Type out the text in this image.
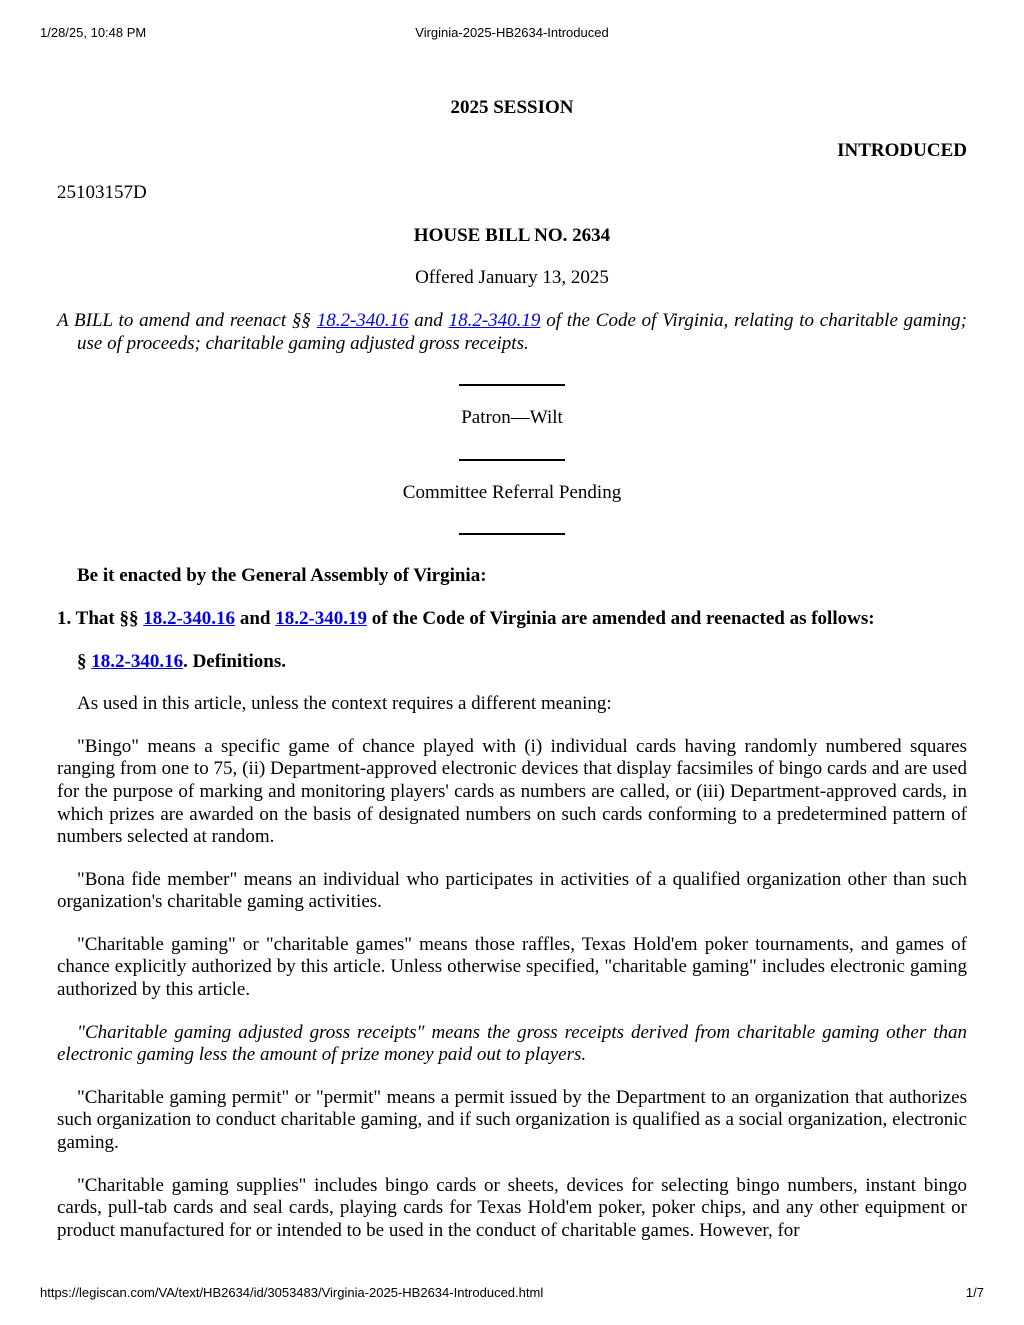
1/28/25, 10:48 PM	Virginia-2025-HB2634-Introduced

2025 SESSION

INTRODUCED

25103157D

HOUSE BILL NO. 2634

Offered January 13, 2025

A BILL to amend and reenact §§ 18.2-340.16 and 18.2-340.19 of the Code of Virginia, relating to charitable gaming; use of proceeds; charitable gaming adjusted gross receipts.

Patron—Wilt

Committee Referral Pending

Be it enacted by the General Assembly of Virginia:

1. That §§ 18.2-340.16 and 18.2-340.19 of the Code of Virginia are amended and reenacted as follows:

§ 18.2-340.16. Definitions.

As used in this article, unless the context requires a different meaning:

"Bingo" means a specific game of chance played with (i) individual cards having randomly numbered squares ranging from one to 75, (ii) Department-approved electronic devices that display facsimiles of bingo cards and are used for the purpose of marking and monitoring players' cards as numbers are called, or (iii) Department-approved cards, in which prizes are awarded on the basis of designated numbers on such cards conforming to a predetermined pattern of numbers selected at random.

"Bona fide member" means an individual who participates in activities of a qualified organization other than such organization's charitable gaming activities.

"Charitable gaming" or "charitable games" means those raffles, Texas Hold'em poker tournaments, and games of chance explicitly authorized by this article. Unless otherwise specified, "charitable gaming" includes electronic gaming authorized by this article.

"Charitable gaming adjusted gross receipts" means the gross receipts derived from charitable gaming other than electronic gaming less the amount of prize money paid out to players.

"Charitable gaming permit" or "permit" means a permit issued by the Department to an organization that authorizes such organization to conduct charitable gaming, and if such organization is qualified as a social organization, electronic gaming.

"Charitable gaming supplies" includes bingo cards or sheets, devices for selecting bingo numbers, instant bingo cards, pull-tab cards and seal cards, playing cards for Texas Hold'em poker, poker chips, and any other equipment or product manufactured for or intended to be used in the conduct of charitable games. However, for

https://legiscan.com/VA/text/HB2634/id/3053483/Virginia-2025-HB2634-Introduced.html	1/7
